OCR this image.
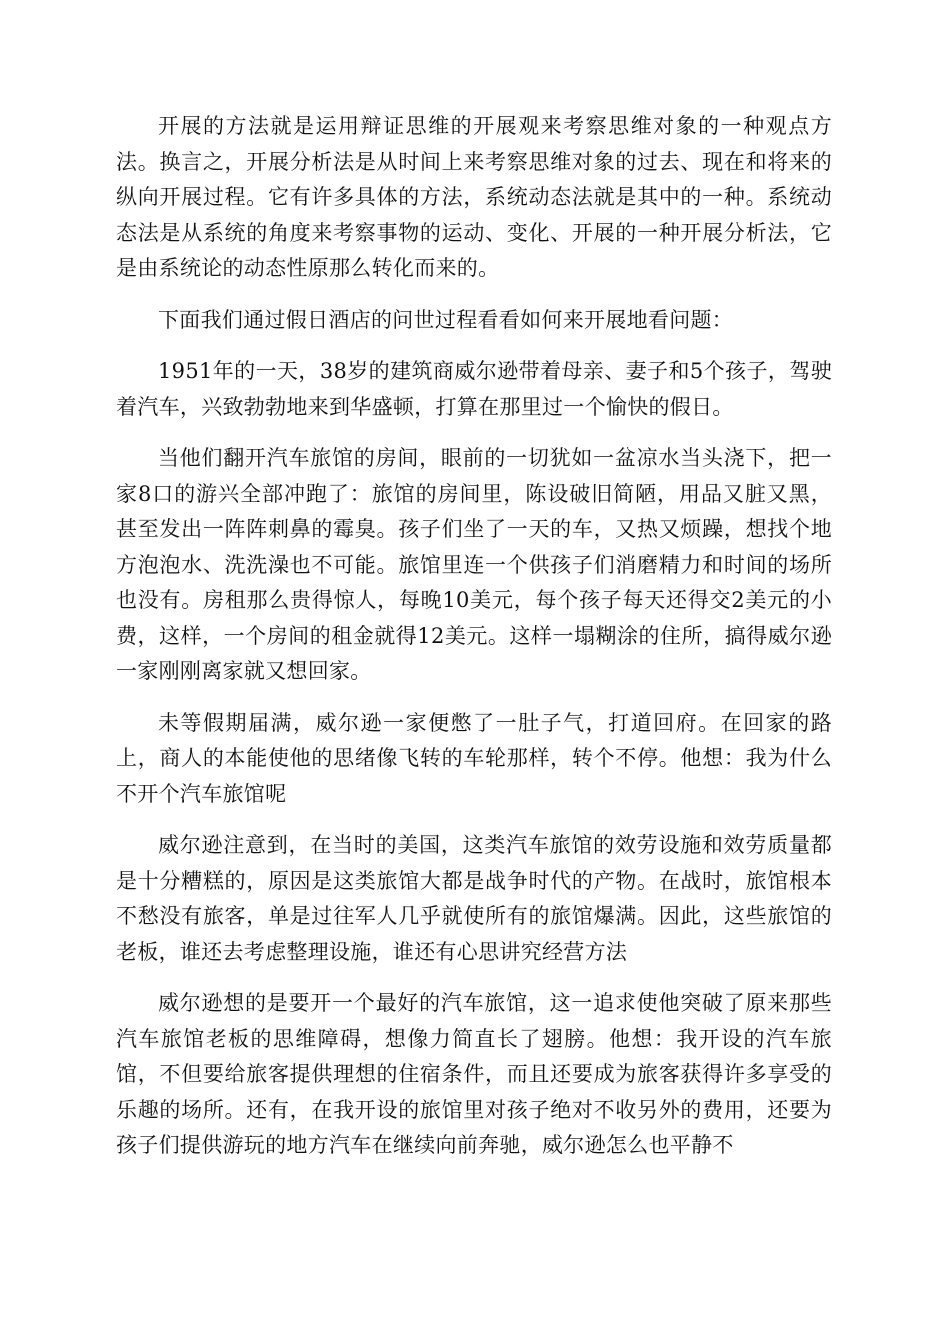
开展的方法就是运用辩证思维的开展观来考察思维对象的一种观点方法。换言之，开展分析法是从时间上来考察思维对象的过去、现在和将来的纵向开展过程。它有许多具体的方法，系统动态法就是其中的一种。系统动态法是从系统的角度来考察事物的运动、变化、开展的一种开展分析法，它是由系统论的动态性原那么转化而来的。

下面我们通过假日酒店的问世过程看看如何来开展地看问题：

1951年的一天，38岁的建筑商威尔逊带着母亲、妻子和5个孩子，驾驶着汽车，兴致勃勃地来到华盛顿，打算在那里过一个愉快的假日。

当他们翻开汽车旅馆的房间，眼前的一切犹如一盆凉水当头浇下，把一家8口的游兴全部冲跑了：旅馆的房间里，陈设破旧简陋，用品又脏又黑，甚至发出一阵阵刺鼻的霉臭。孩子们坐了一天的车，又热又烦躁，想找个地方泡泡水、洗洗澡也不可能。旅馆里连一个供孩子们消磨精力和时间的场所也没有。房租那么贵得惊人，每晚10美元，每个孩子每天还得交2美元的小费，这样，一个房间的租金就得12美元。这样一塌糊涂的住所，搞得威尔逊一家刚刚离家就又想回家。

未等假期届满，威尔逊一家便憋了一肚子气，打道回府。在回家的路上，商人的本能使他的思绪像飞转的车轮那样，转个不停。他想：我为什么不开个汽车旅馆呢

威尔逊注意到，在当时的美国，这类汽车旅馆的效劳设施和效劳质量都是十分糟糕的，原因是这类旅馆大都是战争时代的产物。在战时，旅馆根本不愁没有旅客，单是过往军人几乎就使所有的旅馆爆满。因此，这些旅馆的老板，谁还去考虑整理设施，谁还有心思讲究经营方法

威尔逊想的是要开一个最好的汽车旅馆，这一追求使他突破了原来那些汽车旅馆老板的思维障碍，想像力简直长了翅膀。他想：我开设的汽车旅馆，不但要给旅客提供理想的住宿条件，而且还要成为旅客获得许多享受的乐趣的场所。还有，在我开设的旅馆里对孩子绝对不收另外的费用，还要为孩子们提供游玩的地方汽车在继续向前奔驰，威尔逊怎么也平静不
